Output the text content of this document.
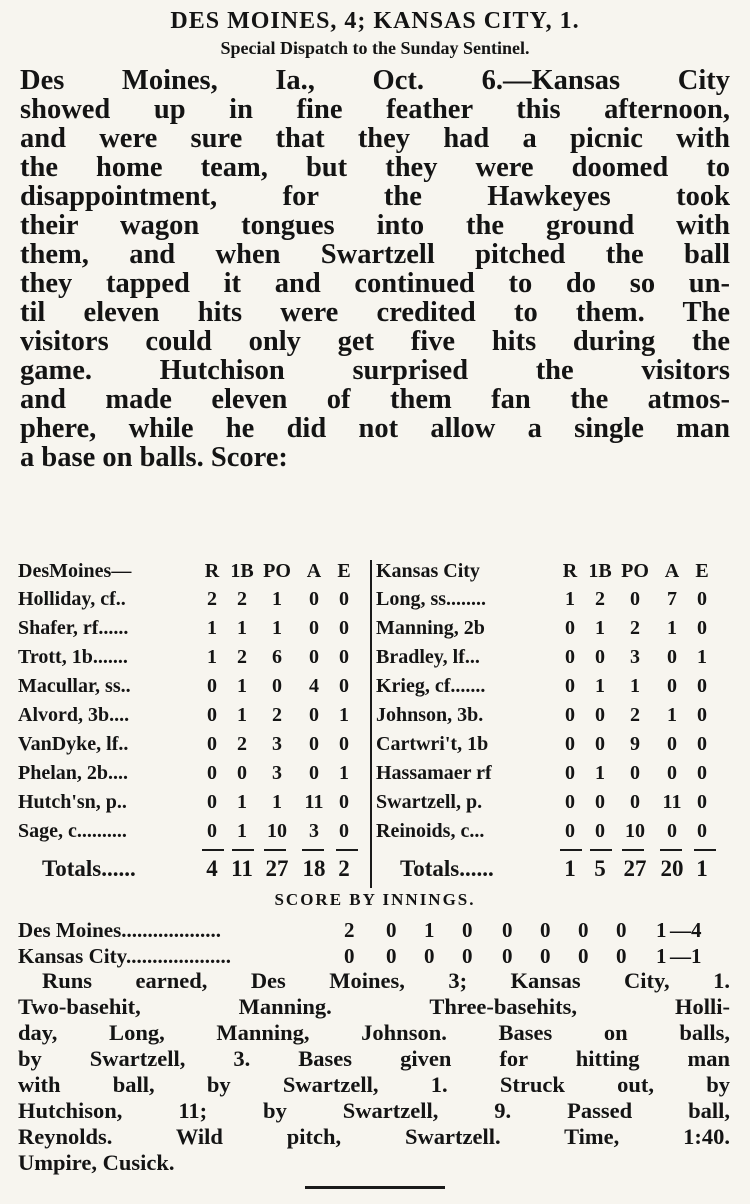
DES MOINES, 4; KANSAS CITY, 1.
Special Dispatch to the Sunday Sentinel.
Des Moines, Ia., Oct. 6.—Kansas City
showed up in fine feather this afternoon,
and were sure that they had a picnic with
the home team, but they were doomed to
disappointment, for the Hawkeyes took
their wagon tongues into the ground with
them, and when Swartzell pitched the ball
they tapped it and continued to do so un-
til eleven hits were credited to them. The
visitors could only get five hits during the
game. Hutchison surprised the visitors
and made eleven of them fan the atmos-
phere, while he did not allow a single man
a base on balls. Score:
DesMoines—	R 1B PO A E
Holliday, cf..	2	2	1	0	0
Shafer, rf......	1	1	1	0	0
Trott, 1b.......	1	2	6	0	0
Macullar, ss..	0	1	0	4	0
Alvord, 3b....	0	1	2	0	1
VanDyke, lf..	0	2	3	0	0
Phelan, 2b....	0	0	3	0	1
Hutch'sn, p..	0	1	1	11 0
Sage, c..........	0	1	10	3	0
Totals......	4 11 27 18 2
Kansas City	R 1B PO A E
Long, ss........	1	2	0	7	0
Manning, 2b	0	1	2	1	0
Bradley, lf...	0	0	3	0	1
Krieg, cf.......	0	1	1	0	0
Johnson, 3b.	0	0	2	1	0
Cartwri't, 1b	0	0	9	0	0
Hassamaer rf	0	1	0	0	0
Swartzell, p.	0	0	0	11 0
Reinoids, c...	0	0	10	0	0
Totals......	1 5 27 20 1
SCORE BY INNINGS.
Des Moines...................	2 0 1 0 0 0 0 0 1 —4
Kansas City....................	0 0 0 0 0 0 0 0 1 —1
Runs earned, Des Moines, 3; Kansas City, 1.
Two-basehit, Manning. Three-basehits, Holli-
day, Long, Manning, Johnson. Bases on balls,
by Swartzell, 3. Bases given for hitting man
with ball, by Swartzell, 1. Struck out, by
Hutchison, 11; by Swartzell, 9. Passed ball,
Reynolds. Wild pitch, Swartzell. Time, 1:40.
Umpire, Cusick.
